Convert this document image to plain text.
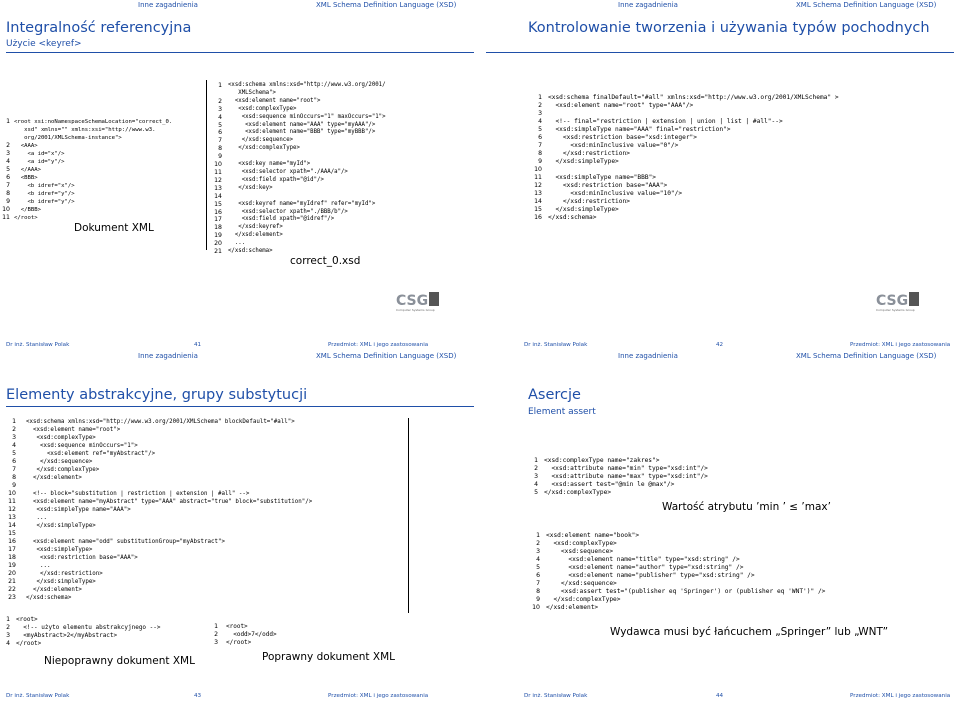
Inne zagadnienia	XML Schema Definition Language (XSD)
Integralność referencyjna
Użycie <keyref>
1

2
3
4
5
6
7
8
9
10
11
<root xsi:noNamespaceSchemaLocation="correct_0.
xsd" xmlns="" xmlns:xsi="http://www.w3.
org/2001/XMLSchema-instance">
<AAA>
<a id="x"/>
<a id="y"/>
</AAA>
<BBB>
<b idref="x"/>
<b idref="y"/>
<b idref="y"/>
</BBB>
</root>
Dokument XML
1

2
3
4
5
6
7
8
9
10
11
12
13
14
15
16
17
18
19
20
21
<xsd:schema xmlns:xsd="http://www.w3.org/2001/
XMLSchema">
<xsd:element name="root">
<xsd:complexType>
<xsd:sequence minOccurs="1" maxOccurs="1">
<xsd:element name="AAA" type="myAAA"/>
<xsd:element name="BBB" type="myBBB"/>
</xsd:sequence>
</xsd:complexType>

<xsd:key name="myId">
<xsd:selector xpath="./AAA/a"/>
<xsd:field xpath="@id"/>
</xsd:key>

<xsd:keyref name="myIdref" refer="myId">
<xsd:selector xpath="./BBB/b"/>
<xsd:field xpath="@idref"/>
</xsd:keyref>
</xsd:element>
...
</xsd:schema>
correct_0.xsd
CSG
Computer Systems Group
Dr inż. Stanisław Polak	41	Przedmiot: XML i jego zastosowania
Inne zagadnienia	XML Schema Definition Language (XSD)
Kontrolowanie tworzenia i używania typów pochodnych
1
2
3
4
5
6
7
8
9
10
11
12
13
14
15
16
<xsd:schema finalDefault="#all" xmlns:xsd="http://www.w3.org/2001/XMLSchema" >
<xsd:element name="root" type="AAA"/>

<!-- final="restriction | extension | union | list | #all"-->
<xsd:simpleType name="AAA" final="restriction">
<xsd:restriction base="xsd:integer">
<xsd:minInclusive value="0"/>
</xsd:restriction>
</xsd:simpleType>

<xsd:simpleType name="BBB">
<xsd:restriction base="AAA">
<xsd:minInclusive value="10"/>
</xsd:restriction>
</xsd:simpleType>
</xsd:schema>
CSG
Computer Systems Group
Dr inż. Stanisław Polak	42	Przedmiot: XML i jego zastosowania
Inne zagadnienia	XML Schema Definition Language (XSD)
Elementy abstrakcyjne, grupy substytucji
1
2
3
4
5
6
7
8
9
10
11
12
13
14
15
16
17
18
19
20
21
22
23
<xsd:schema xmlns:xsd="http://www.w3.org/2001/XMLSchema" blockDefault="#all">
<xsd:element name="root">
<xsd:complexType>
<xsd:sequence minOccurs="1">
<xsd:element ref="myAbstract"/>
</xsd:sequence>
</xsd:complexType>
</xsd:element>

<!-- block="substitution | restriction | extension | #all" -->
<xsd:element name="myAbstract" type="AAA" abstract="true" block="substitution"/>
<xsd:simpleType name="AAA">
...
</xsd:simpleType>

<xsd:element name="odd" substitutionGroup="myAbstract">
<xsd:simpleType>
<xsd:restriction base="AAA">
...
</xsd:restriction>
</xsd:simpleType>
</xsd:element>
</xsd:schema>
1
2
3
4
<root>
<!-- użyto elementu abstrakcyjnego -->
<myAbstract>2</myAbstract>
</root>
Niepoprawny dokument XML
1
2
3
<root>
<odd>7</odd>
</root>
Poprawny dokument XML
Dr inż. Stanisław Polak	43	Przedmiot: XML i jego zastosowania
Inne zagadnienia	XML Schema Definition Language (XSD)
Asercje
Element assert
1
2
3
4
5
<xsd:complexType name="zakres">
<xsd:attribute name="min" type="xsd:int"/>
<xsd:attribute name="max" type="xsd:int"/>
<xsd:assert test="@min le @max"/>
</xsd:complexType>
Wartość atrybutu ’min ’ ≤ ’max’
1
2
3
4
5
6
7
8
9
10
<xsd:element name="book">
<xsd:complexType>
<xsd:sequence>
<xsd:element name="title" type="xsd:string" />
<xsd:element name="author" type="xsd:string" />
<xsd:element name="publisher" type="xsd:string" />
</xsd:sequence>
<xsd:assert test="(publisher eq 'Springer') or (publisher eq 'WNT')" />
</xsd:complexType>
</xsd:element>
Wydawca musi być łańcuchem „Springer” lub „WNT”
Dr inż. Stanisław Polak	44	Przedmiot: XML i jego zastosowania
